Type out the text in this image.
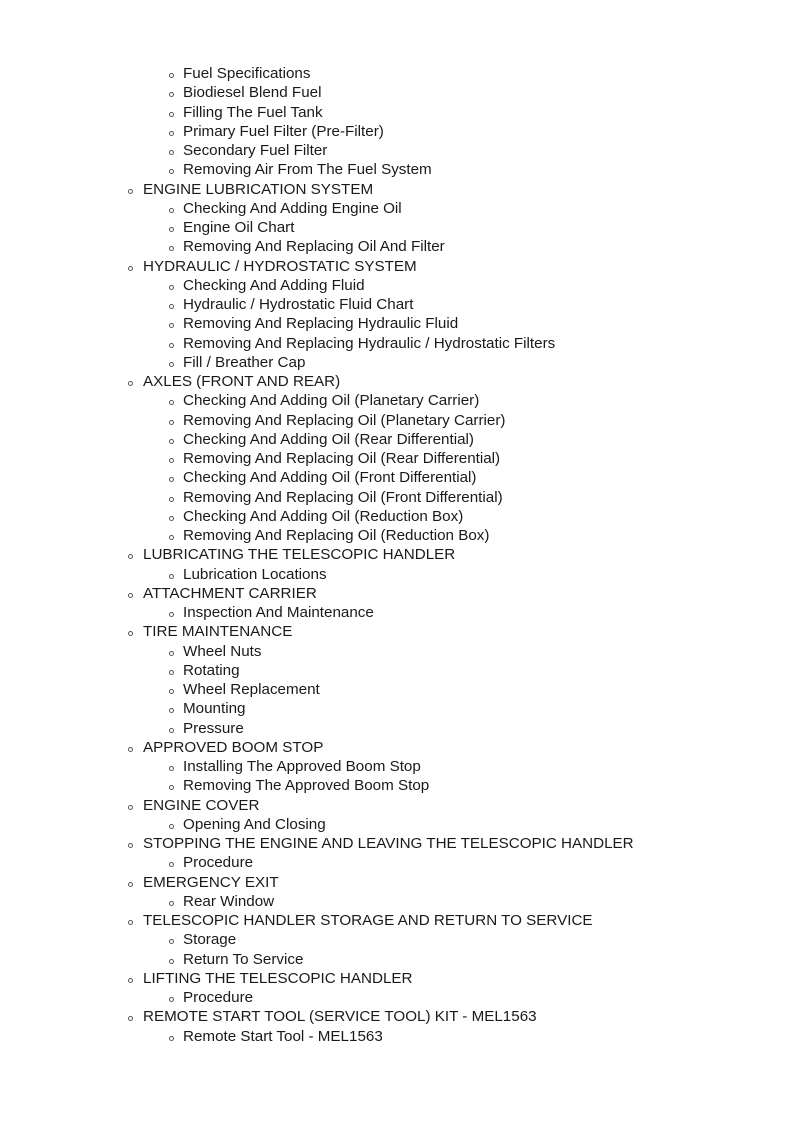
Fuel Specifications
Biodiesel Blend Fuel
Filling The Fuel Tank
Primary Fuel Filter (Pre-Filter)
Secondary Fuel Filter
Removing Air From The Fuel System
ENGINE LUBRICATION SYSTEM
Checking And Adding Engine Oil
Engine Oil Chart
Removing And Replacing Oil And Filter
HYDRAULIC / HYDROSTATIC SYSTEM
Checking And Adding Fluid
Hydraulic / Hydrostatic Fluid Chart
Removing And Replacing Hydraulic Fluid
Removing And Replacing Hydraulic / Hydrostatic Filters
Fill / Breather Cap
AXLES (FRONT AND REAR)
Checking And Adding Oil (Planetary Carrier)
Removing And Replacing Oil (Planetary Carrier)
Checking And Adding Oil (Rear Differential)
Removing And Replacing Oil (Rear Differential)
Checking And Adding Oil (Front Differential)
Removing And Replacing Oil (Front Differential)
Checking And Adding Oil (Reduction Box)
Removing And Replacing Oil (Reduction Box)
LUBRICATING THE TELESCOPIC HANDLER
Lubrication Locations
ATTACHMENT CARRIER
Inspection And Maintenance
TIRE MAINTENANCE
Wheel Nuts
Rotating
Wheel Replacement
Mounting
Pressure
APPROVED BOOM STOP
Installing The Approved Boom Stop
Removing The Approved Boom Stop
ENGINE COVER
Opening And Closing
STOPPING THE ENGINE AND LEAVING THE TELESCOPIC HANDLER
Procedure
EMERGENCY EXIT
Rear Window
TELESCOPIC HANDLER STORAGE AND RETURN TO SERVICE
Storage
Return To Service
LIFTING THE TELESCOPIC HANDLER
Procedure
REMOTE START TOOL (SERVICE TOOL) KIT - MEL1563
Remote Start Tool - MEL1563
